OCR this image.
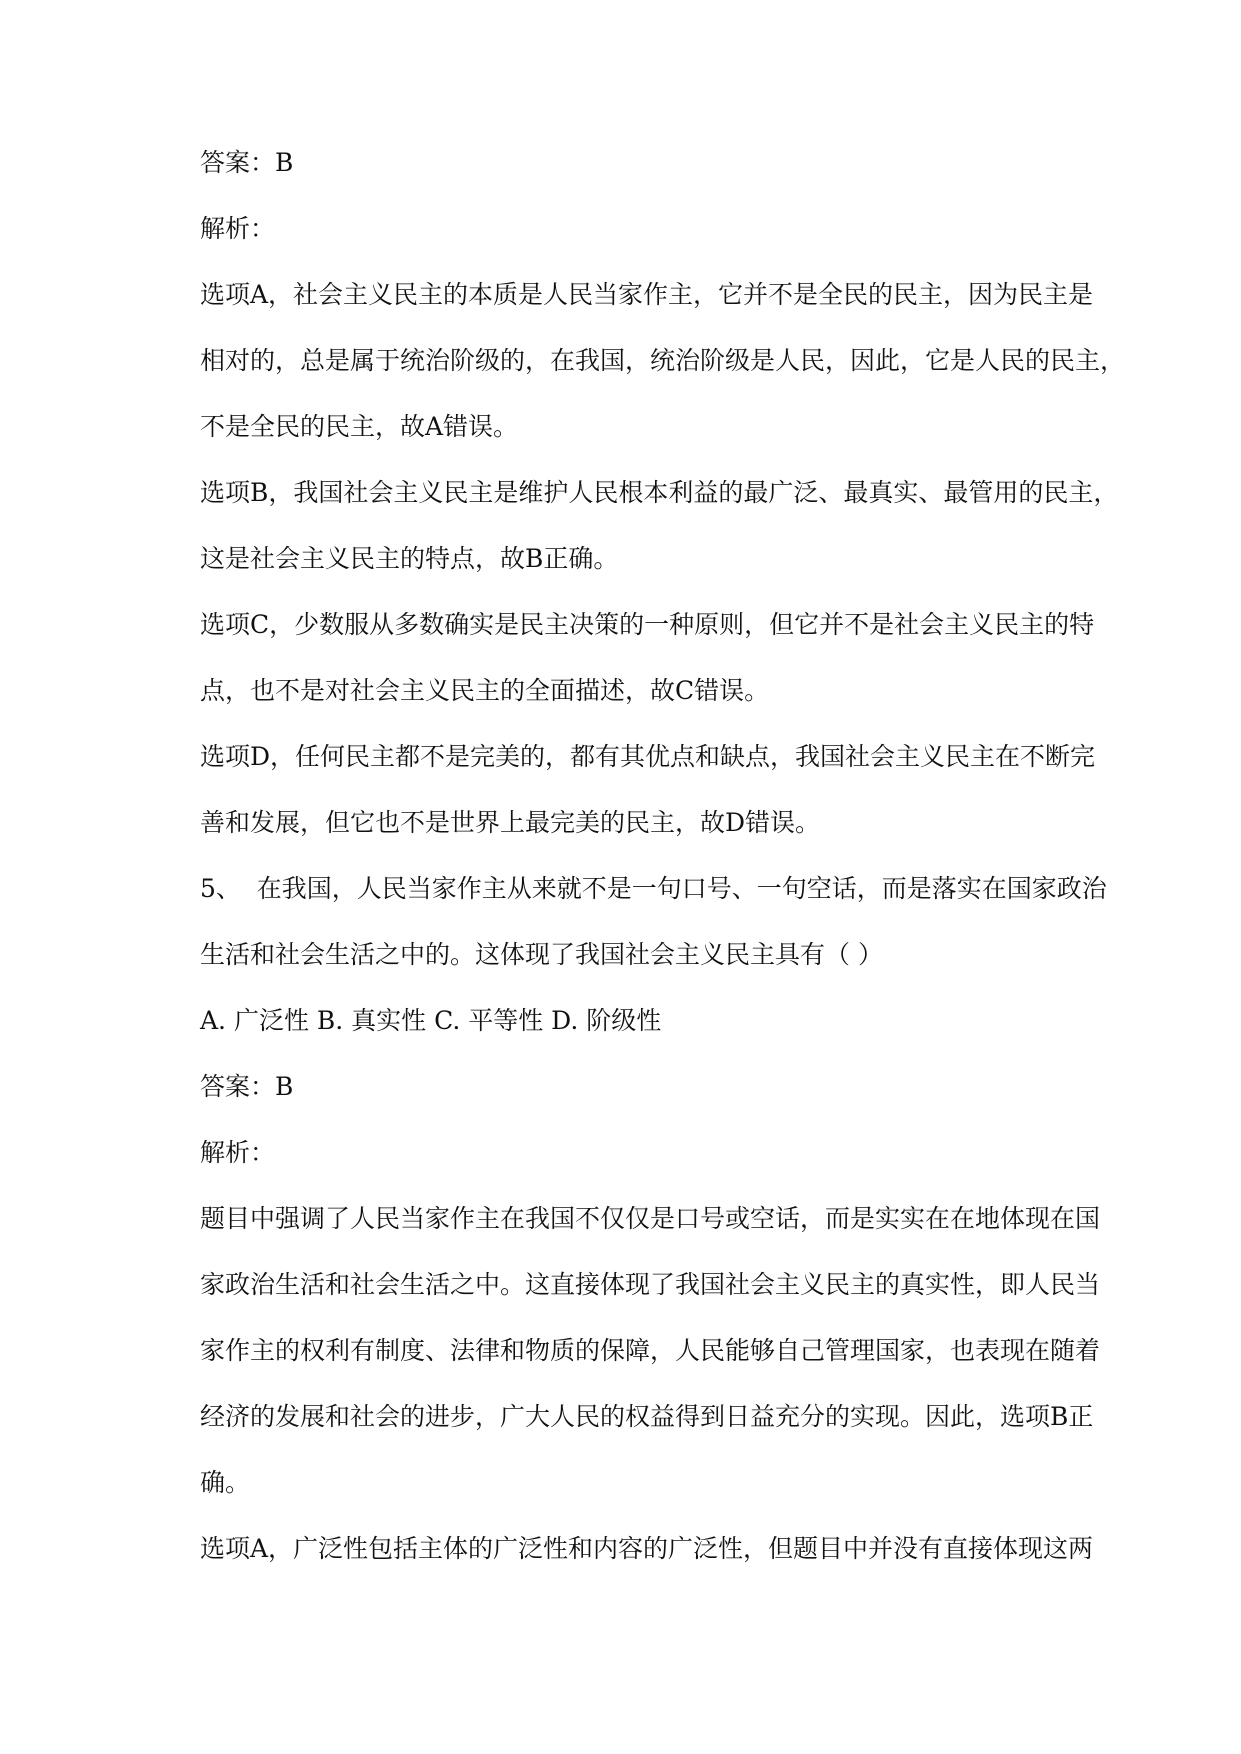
答案：B
解析：
选项A，社会主义民主的本质是人民当家作主，它并不是全民的民主，因为民主是
相对的，总是属于统治阶级的，在我国，统治阶级是人民，因此，它是人民的民主，
不是全民的民主，故A错误。
选项B，我国社会主义民主是维护人民根本利益的最广泛、最真实、最管用的民主，
这是社会主义民主的特点，故B正确。
选项C，少数服从多数确实是民主决策的一种原则，但它并不是社会主义民主的特
点，也不是对社会主义民主的全面描述，故C错误。
选项D，任何民主都不是完美的，都有其优点和缺点，我国社会主义民主在不断完
善和发展，但它也不是世界上最完美的民主，故D错误。
5、  在我国，人民当家作主从来就不是一句口号、一句空话，而是落实在国家政治
生活和社会生活之中的。这体现了我国社会主义民主具有（ ）
A. 广泛性 B. 真实性 C. 平等性 D. 阶级性
答案：B
解析：
题目中强调了人民当家作主在我国不仅仅是口号或空话，而是实实在在地体现在国
家政治生活和社会生活之中。这直接体现了我国社会主义民主的真实性，即人民当
家作主的权利有制度、法律和物质的保障，人民能够自己管理国家，也表现在随着
经济的发展和社会的进步，广大人民的权益得到日益充分的实现。因此，选项B正
确。
选项A，广泛性包括主体的广泛性和内容的广泛性，但题目中并没有直接体现这两
